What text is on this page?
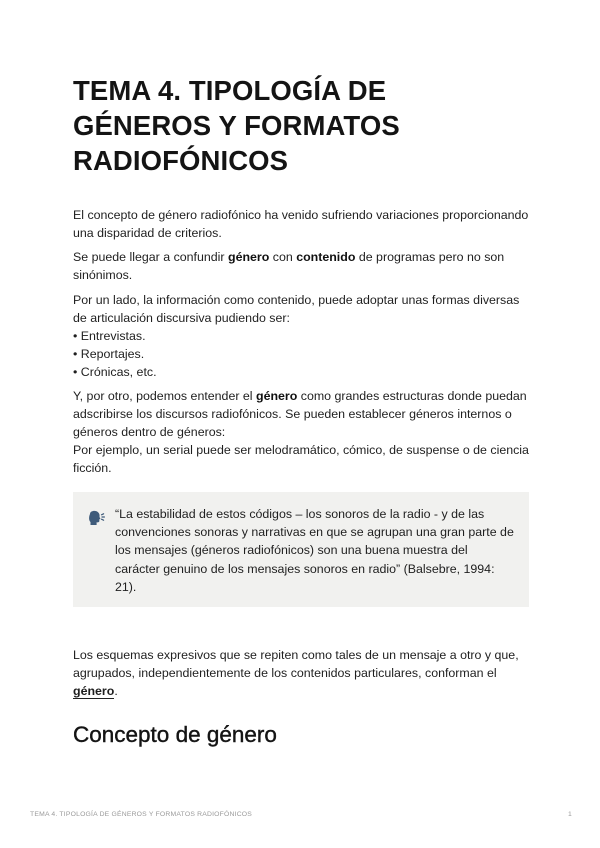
TEMA 4. TIPOLOGÍA DE GÉNEROS Y FORMATOS RADIOFÓNICOS

El concepto de género radiofónico ha venido sufriendo variaciones proporcionando una disparidad de criterios.

Se puede llegar a confundir género con contenido de programas pero no son sinónimos.

Por un lado, la información como contenido, puede adoptar unas formas diversas de articulación discursiva pudiendo ser:
• Entrevistas.
• Reportajes.
• Crónicas, etc.
Y, por otro, podemos entender el género como grandes estructuras donde puedan adscribirse los discursos radiofónicos. Se pueden establecer géneros internos o géneros dentro de géneros:
Por ejemplo, un serial puede ser melodramático, cómico, de suspense o de ciencia ficción.
“La estabilidad de estos códigos – los sonoros de la radio - y de las convenciones sonoras y narrativas en que se agrupan una gran parte de los mensajes (géneros radiofónicos) son una buena muestra del carácter genuino de los mensajes sonoros en radio” (Balsebre, 1994: 21).

Los esquemas expresivos que se repiten como tales de un mensaje a otro y que, agrupados, independientemente de los contenidos particulares, conforman el género.

Concepto de género
TEMA 4. TIPOLOGÍA DE GÉNEROS Y FORMATOS RADIOFÓNICOS	1
